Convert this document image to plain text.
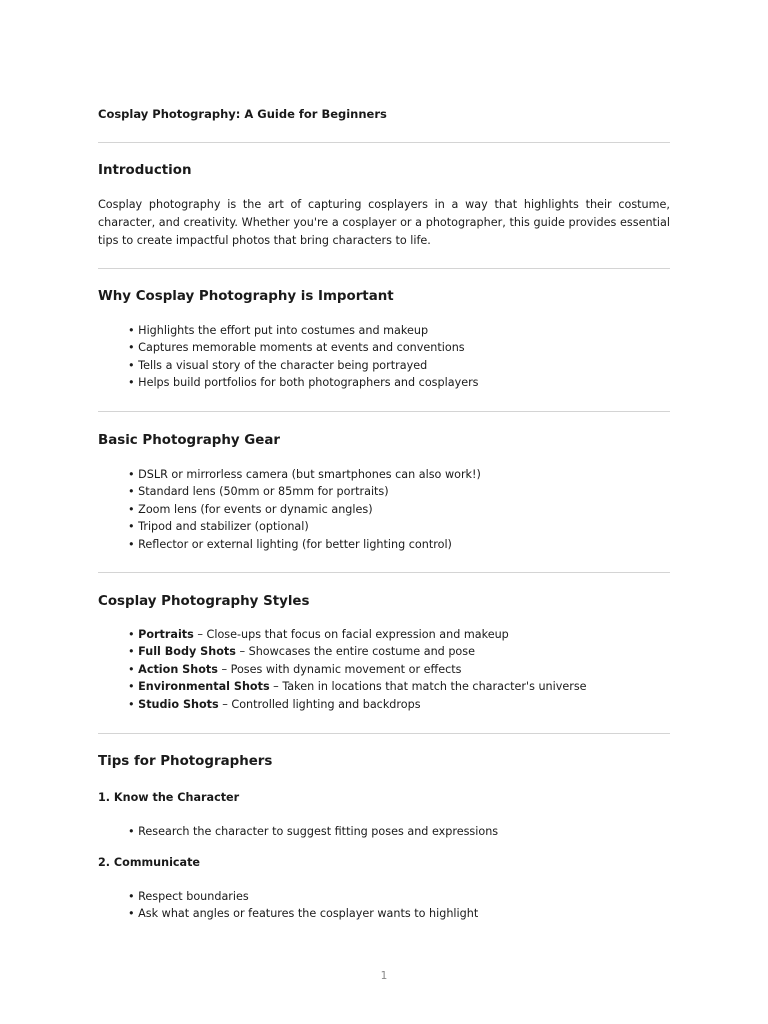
Cosplay Photography: A Guide for Beginners
Introduction
Cosplay photography is the art of capturing cosplayers in a way that highlights their costume, character, and creativity. Whether you're a cosplayer or a photographer, this guide provides essential tips to create impactful photos that bring characters to life.
Why Cosplay Photography is Important
• Highlights the effort put into costumes and makeup
• Captures memorable moments at events and conventions
• Tells a visual story of the character being portrayed
• Helps build portfolios for both photographers and cosplayers
Basic Photography Gear
• DSLR or mirrorless camera (but smartphones can also work!)
• Standard lens (50mm or 85mm for portraits)
• Zoom lens (for events or dynamic angles)
• Tripod and stabilizer (optional)
• Reflector or external lighting (for better lighting control)
Cosplay Photography Styles
• Portraits – Close-ups that focus on facial expression and makeup
• Full Body Shots – Showcases the entire costume and pose
• Action Shots – Poses with dynamic movement or effects
• Environmental Shots – Taken in locations that match the character's universe
• Studio Shots – Controlled lighting and backdrops
Tips for Photographers
1. Know the Character
• Research the character to suggest fitting poses and expressions
2. Communicate
• Respect boundaries
• Ask what angles or features the cosplayer wants to highlight
1
